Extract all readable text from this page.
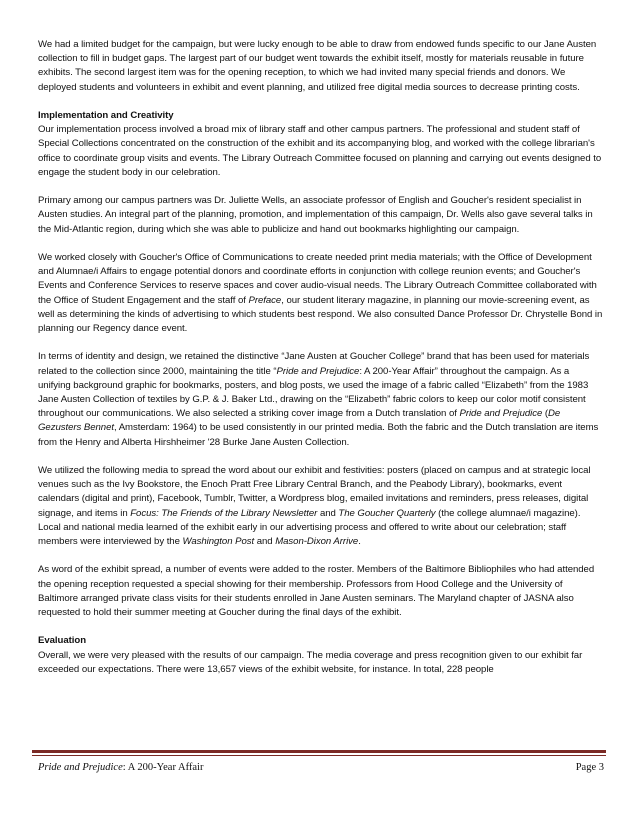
We had a limited budget for the campaign, but were lucky enough to be able to draw from endowed funds specific to our Jane Austen collection to fill in budget gaps. The largest part of our budget went towards the exhibit itself, mostly for materials reusable in future exhibits. The second largest item was for the opening reception, to which we had invited many special friends and donors. We deployed students and volunteers in exhibit and event planning, and utilized free digital media sources to decrease printing costs.

Implementation and Creativity

Our implementation process involved a broad mix of library staff and other campus partners. The professional and student staff of Special Collections concentrated on the construction of the exhibit and its accompanying blog, and worked with the college librarian's office to coordinate group visits and events. The Library Outreach Committee focused on planning and carrying out events designed to engage the student body in our celebration.

Primary among our campus partners was Dr. Juliette Wells, an associate professor of English and Goucher's resident specialist in Austen studies. An integral part of the planning, promotion, and implementation of this campaign, Dr. Wells also gave several talks in the Mid-Atlantic region, during which she was able to publicize and hand out bookmarks highlighting our campaign.

We worked closely with Goucher's Office of Communications to create needed print media materials; with the Office of Development and Alumnae/i Affairs to engage potential donors and coordinate efforts in conjunction with college reunion events; and Goucher's Events and Conference Services to reserve spaces and cover audio-visual needs. The Library Outreach Committee collaborated with the Office of Student Engagement and the staff of Preface, our student literary magazine, in planning our movie-screening event, as well as determining the kinds of advertising to which students best respond. We also consulted Dance Professor Dr. Chrystelle Bond in planning our Regency dance event.

In terms of identity and design, we retained the distinctive “Jane Austen at Goucher College” brand that has been used for materials related to the collection since 2000, maintaining the title “Pride and Prejudice: A 200-Year Affair” throughout the campaign. As a unifying background graphic for bookmarks, posters, and blog posts, we used the image of a fabric called “Elizabeth” from the 1983 Jane Austen Collection of textiles by G.P. & J. Baker Ltd., drawing on the “Elizabeth” fabric colors to keep our color motif consistent throughout our communications. We also selected a striking cover image from a Dutch translation of Pride and Prejudice (De Gezusters Bennet, Amsterdam: 1964) to be used consistently in our printed media. Both the fabric and the Dutch translation are items from the Henry and Alberta Hirshheimer '28 Burke Jane Austen Collection.

We utilized the following media to spread the word about our exhibit and festivities: posters (placed on campus and at strategic local venues such as the Ivy Bookstore, the Enoch Pratt Free Library Central Branch, and the Peabody Library), bookmarks, event calendars (digital and print), Facebook, Tumblr, Twitter, a Wordpress blog, emailed invitations and reminders, press releases, digital signage, and items in Focus: The Friends of the Library Newsletter and The Goucher Quarterly (the college alumnae/i magazine). Local and national media learned of the exhibit early in our advertising process and offered to write about our celebration; staff members were interviewed by the Washington Post and Mason-Dixon Arrive.

As word of the exhibit spread, a number of events were added to the roster. Members of the Baltimore Bibliophiles who had attended the opening reception requested a special showing for their membership. Professors from Hood College and the University of Baltimore arranged private class visits for their students enrolled in Jane Austen seminars. The Maryland chapter of JASNA also requested to hold their summer meeting at Goucher during the final days of the exhibit.

Evaluation

Overall, we were very pleased with the results of our campaign. The media coverage and press recognition given to our exhibit far exceeded our expectations. There were 13,657 views of the exhibit website, for instance. In total, 228 people

Pride and Prejudice: A 200-Year Affair	Page 3
